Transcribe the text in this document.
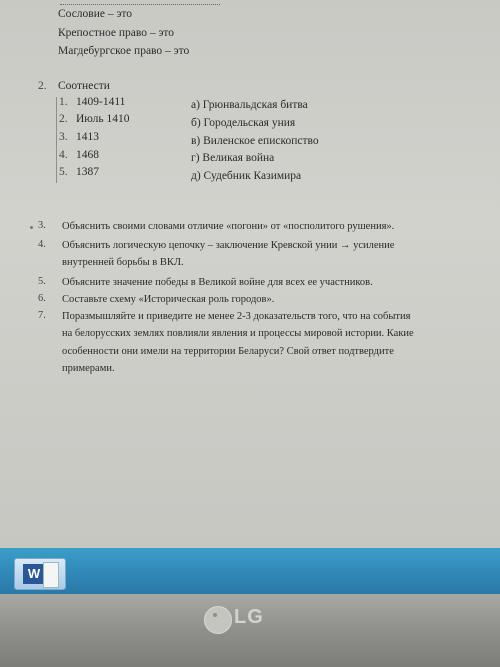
Сословие – это
Крепостное право – это
Магдебургское право – это
2. Соотнести
1. 1409-1411
2. Июль 1410
3. 1413
4. 1468
5. 1387
а) Грюнвальдская битва
б) Городельская уния
в) Виленское епископство
г) Великая война
д) Судебник Казимира
3. Объяснить своими словами отличие «погони» от «посполитого рушения».
4. Объяснить логическую цепочку – заключение Кревской унии → усиление
внутренней борьбы в ВКЛ.
5. Объясните значение победы в Великой войне для всех ее участников.
6. Составьте схему «Историческая роль городов».
7. Поразмышляйте и приведите не менее 2-3 доказательств того, что на события
на белорусских землях повлияли явления и процессы мировой истории. Какие
особенности они имели на территории Беларуси? Свой ответ подтвердите
примерами.
W
LG
